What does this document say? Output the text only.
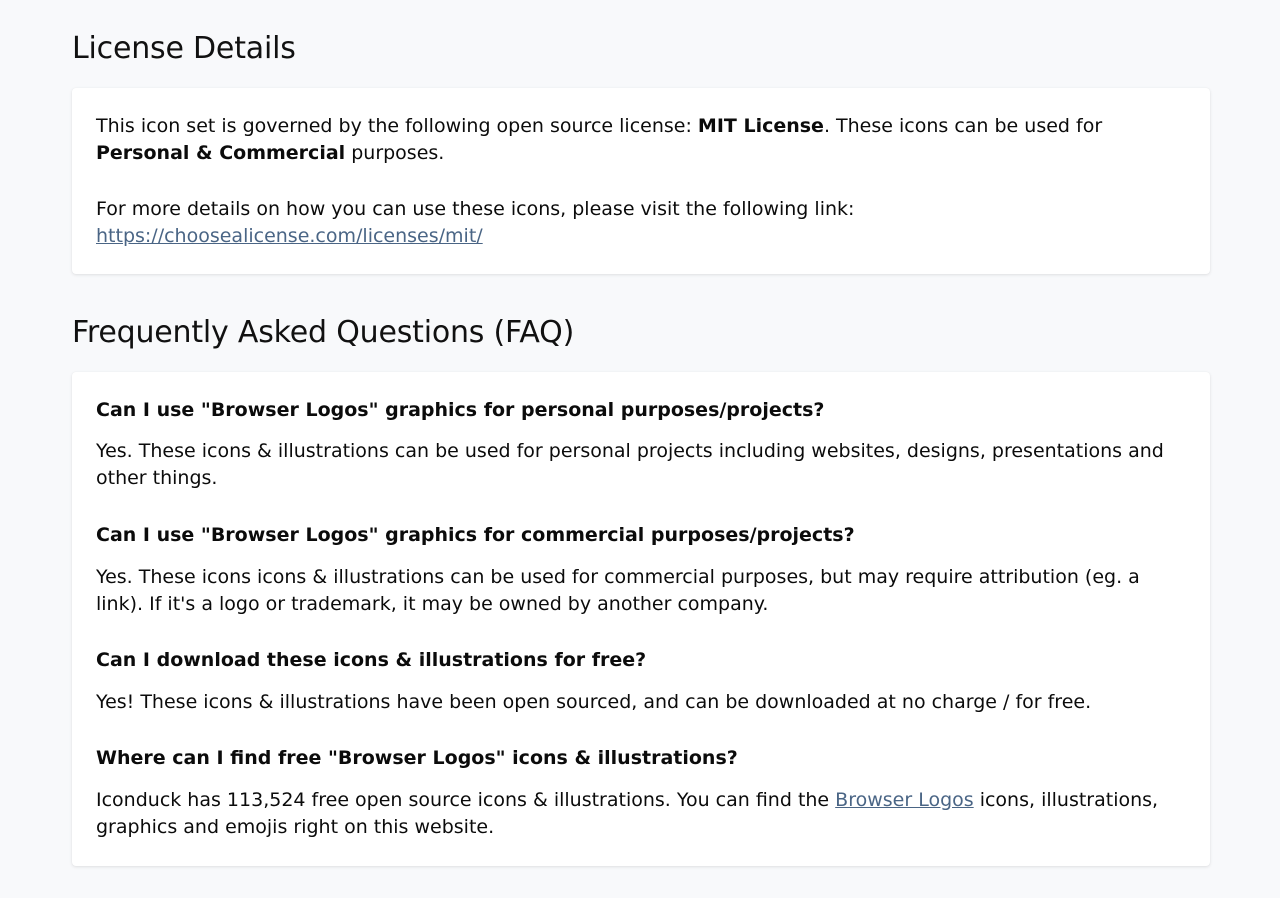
License Details

This icon set is governed by the following open source license: MIT License. These icons can be used for Personal & Commercial purposes.

For more details on how you can use these icons, please visit the following link:
https://choosealicense.com/licenses/mit/

Frequently Asked Questions (FAQ)
Can I use "Browser Logos" graphics for personal purposes/projects?
Yes. These icons & illustrations can be used for personal projects including websites, designs, presentations and other things.
Can I use "Browser Logos" graphics for commercial purposes/projects?
Yes. These icons icons & illustrations can be used for commercial purposes, but may require attribution (eg. a link). If it's a logo or trademark, it may be owned by another company.
Can I download these icons & illustrations for free?
Yes! These icons & illustrations have been open sourced, and can be downloaded at no charge / for free.
Where can I find free "Browser Logos" icons & illustrations?
Iconduck has 113,524 free open source icons & illustrations. You can find the Browser Logos icons, illustrations, graphics and emojis right on this website.
